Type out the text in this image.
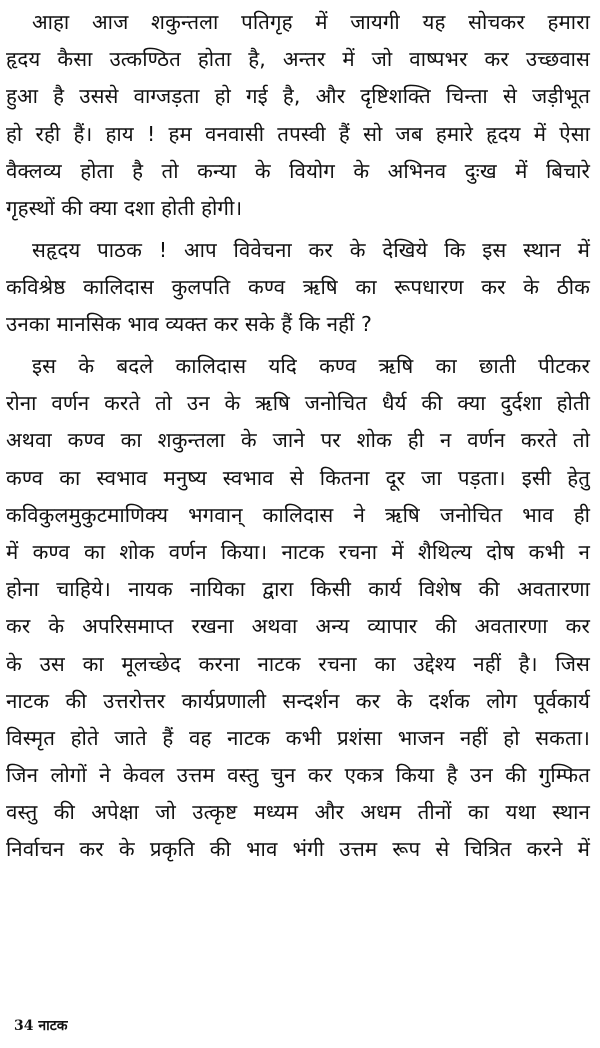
आहा आज शकुन्तला पतिगृह में जायगी यह सोचकर हमारा
हृदय कैसा उत्कण्ठित होता है, अन्तर में जो वाष्पभर कर उच्छवास
हुआ है उससे वाग्जड़ता हो गई है, और दृष्टिशक्ति चिन्ता से जड़ीभूत
हो रही हैं। हाय ! हम वनवासी तपस्वी हैं सो जब हमारे हृदय में ऐसा
वैक्लव्य होता है तो कन्या के वियोग के अभिनव दुःख में बिचारे
गृहस्थों की क्या दशा होती होगी।
सहृदय पाठक ! आप विवेचना कर के देखिये कि इस स्थान में
कविश्रेष्ठ कालिदास कुलपति कण्व ऋषि का रूपधारण कर के ठीक
उनका मानसिक भाव व्यक्त कर सके हैं कि नहीं ?
इस के बदले कालिदास यदि कण्व ऋषि का छाती पीटकर
रोना वर्णन करते तो उन के ऋषि जनोचित धैर्य की क्या दुर्दशा होती
अथवा कण्व का शकुन्तला के जाने पर शोक ही न वर्णन करते तो
कण्व का स्वभाव मनुष्य स्वभाव से कितना दूर जा पड़ता। इसी हेतु
कविकुलमुकुटमाणिक्य भगवान् कालिदास ने ऋषि जनोचित भाव ही
में कण्व का शोक वर्णन किया। नाटक रचना में शैथिल्य दोष कभी न
होना चाहिये। नायक नायिका द्वारा किसी कार्य विशेष की अवतारणा
कर के अपरिसमाप्त रखना अथवा अन्य व्यापार की अवतारणा कर
के उस का मूलच्छेद करना नाटक रचना का उद्देश्य नहीं है। जिस
नाटक की उत्तरोत्तर कार्यप्रणाली सन्दर्शन कर के दर्शक लोग पूर्वकार्य
विस्मृत होते जाते हैं वह नाटक कभी प्रशंसा भाजन नहीं हो सकता।
जिन लोगों ने केवल उत्तम वस्तु चुन कर एकत्र किया है उन की गुम्फित
वस्तु की अपेक्षा जो उत्कृष्ट मध्यम और अधम तीनों का यथा स्थान
निर्वाचन कर के प्रकृति की भाव भंगी उत्तम रूप से चित्रित करने में
34 नाटक
